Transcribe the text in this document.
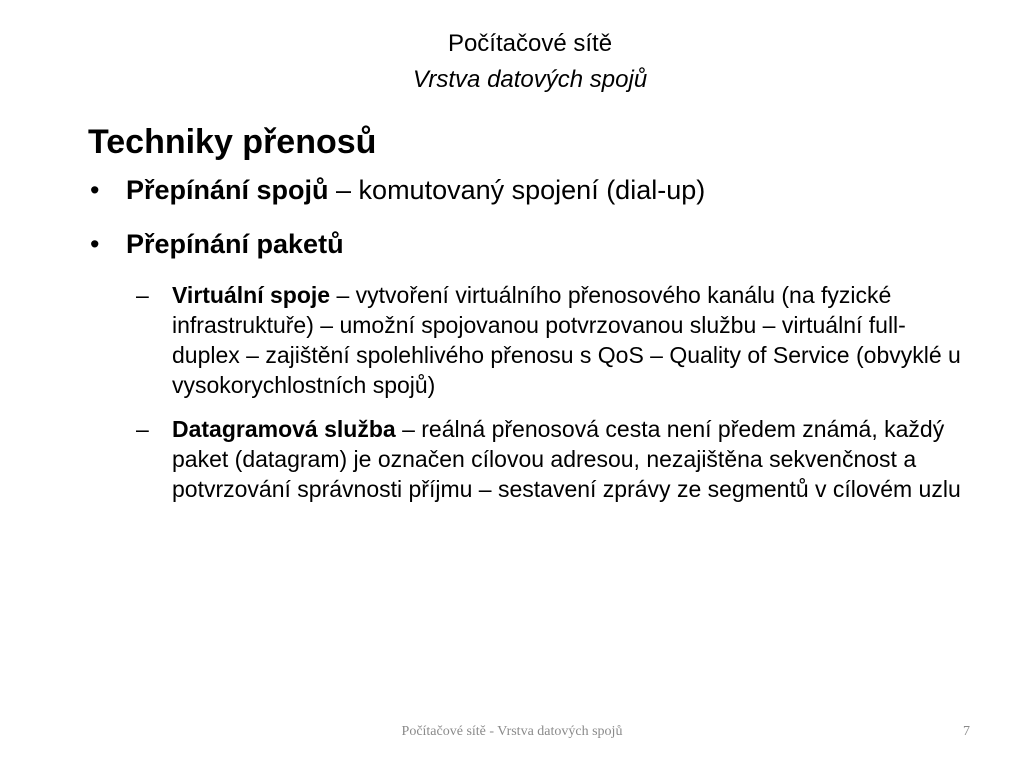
Počítačové sítě
Vrstva datových spojů
Techniky přenosů
• Přepínání spojů – komutovaný spojení (dial-up)
• Přepínání paketů
– Virtuální spoje – vytvoření virtuálního přenosového kanálu (na fyzické infrastruktuře) – umožní spojovanou potvrzovanou službu – virtuální full-duplex – zajištění spolehlivého přenosu s QoS – Quality of Service (obvyklé u vysokorychlostních spojů)
– Datagramová služba – reálná přenosová cesta není předem známá, každý paket (datagram) je označen cílovou adresou, nezajištěna sekvenčnost a potvrzování správnosti příjmu – sestavení zprávy ze segmentů v cílovém uzlu
Počítačové sítě - Vrstva datových spojů	7
